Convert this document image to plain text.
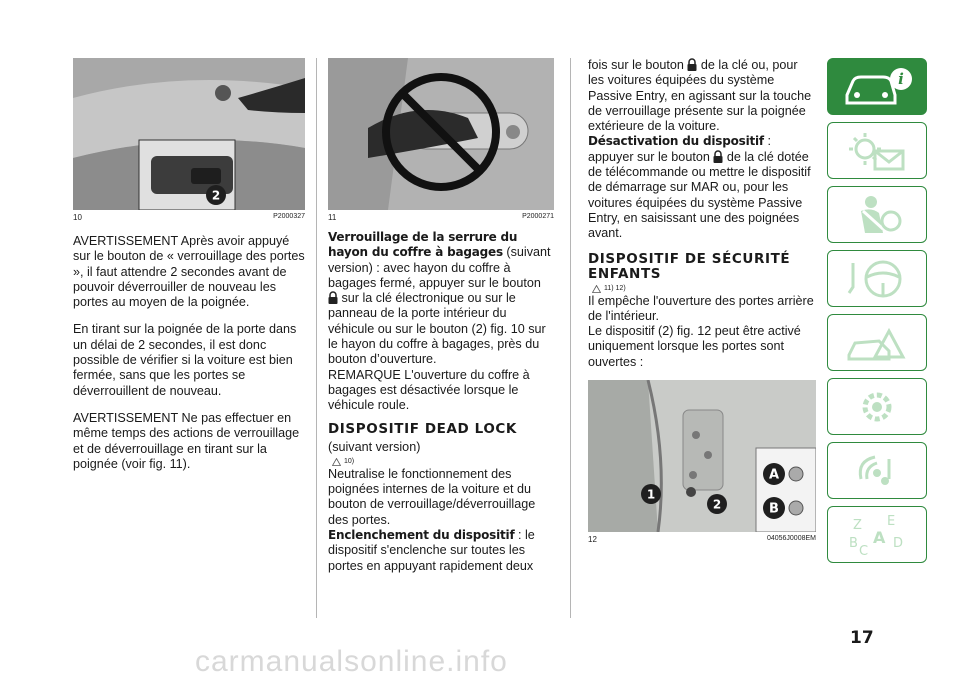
2
10	P2000327

AVERTISSEMENT Après avoir appuyé sur le bouton de « verrouillage des portes », il faut attendre 2 secondes avant de pouvoir déverrouiller de nouveau les portes au moyen de la poignée.

En tirant sur la poignée de la porte dans un délai de 2 secondes, il est donc possible de vérifier si la voiture est bien fermée, sans que les portes se déverrouillent de nouveau.

AVERTISSEMENT Ne pas effectuer en même temps des actions de verrouillage et de déverrouillage en tirant sur la poignée (voir fig. 11).

11	P2000271

Verrouillage de la serrure du hayon du coffre à bagages (suivant version) : avec hayon du coffre à bagages fermé, appuyer sur le bouton
sur la clé électronique ou sur le panneau de la porte intérieur du véhicule ou sur le bouton (2) fig. 10 sur le hayon du coffre à bagages, près du bouton d’ouverture.

REMARQUE L'ouverture du coffre à bagages est désactivée lorsque le véhicule roule.

DISPOSITIF DEAD LOCK

(suivant version)

10)

Neutralise le fonctionnement des poignées internes de la voiture et du bouton de verrouillage/déverrouillage des portes.

Enclenchement du dispositif : le dispositif s'enclenche sur toutes les portes en appuyant rapidement deux

fois sur le bouton  de la clé ou, pour les voitures équipées du système Passive Entry, en agissant sur la touche de verrouillage présente sur la poignée extérieure de la voiture.

Désactivation du dispositif : appuyer sur le bouton  de la clé dotée de télécommande ou mettre le dispositif de démarrage sur MAR ou, pour les voitures équipées du système Passive Entry, en saisissant une des poignées avant.

DISPOSITIF DE SÉCURITÉ ENFANTS
11) 12)

Il empêche l'ouverture des portes arrière de l'intérieur.

Le dispositif (2) fig. 12 peut être activé uniquement lorsque les portes sont ouvertes :

1
2
A
B
12	04056J0008EM
i
Z E
D
B
C
A
17
carmanualsonline.info
